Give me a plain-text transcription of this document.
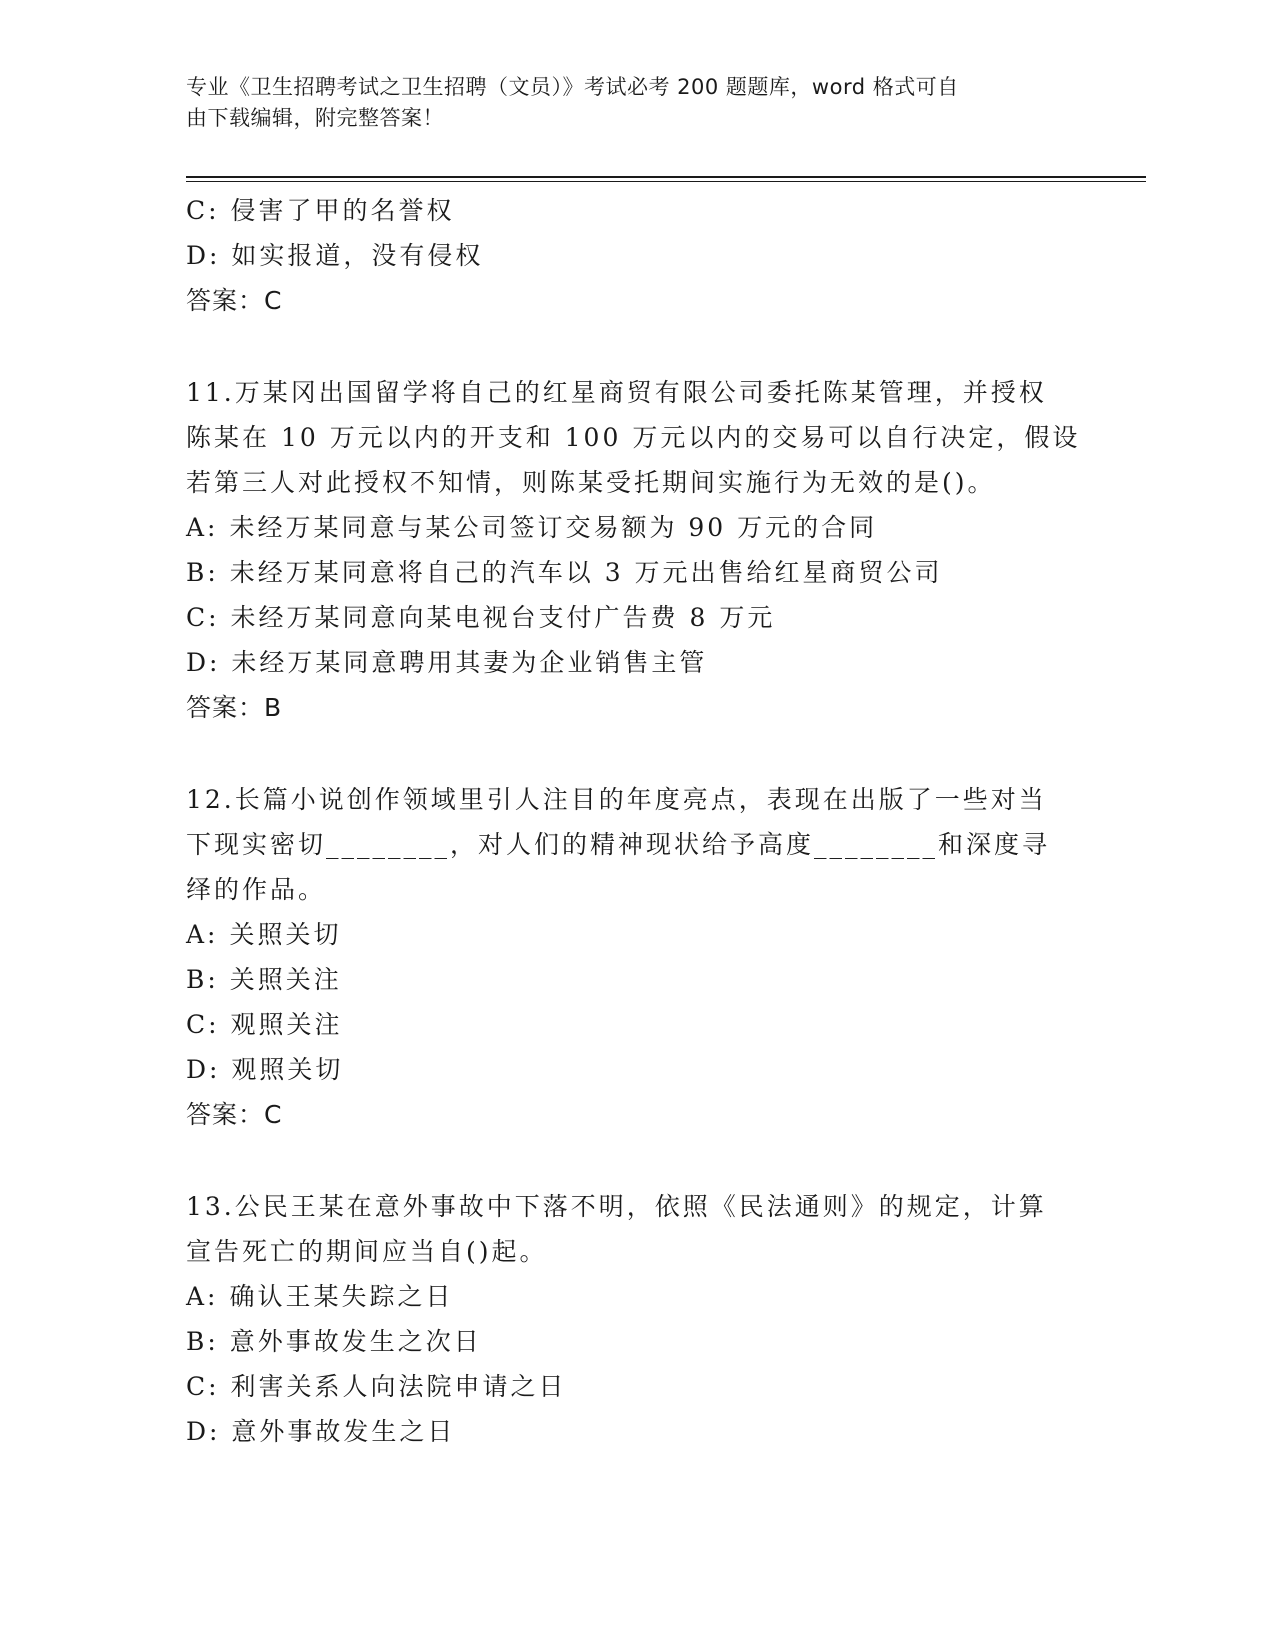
专业《卫生招聘考试之卫生招聘（文员）》考试必考 200 题题库，word 格式可自
由下载编辑，附完整答案！
C: 侵害了甲的名誉权
D: 如实报道，没有侵权
答案：C
11.万某冈出国留学将自己的红星商贸有限公司委托陈某管理，并授权
陈某在 10 万元以内的开支和 100 万元以内的交易可以自行决定，假设
若第三人对此授权不知情，则陈某受托期间实施行为无效的是()。
A: 未经万某同意与某公司签订交易额为 90 万元的合同
B: 未经万某同意将自己的汽车以 3 万元出售给红星商贸公司
C: 未经万某同意向某电视台支付广告费 8 万元
D: 未经万某同意聘用其妻为企业销售主管
答案：B
12.长篇小说创作领域里引人注目的年度亮点，表现在出版了一些对当
下现实密切________，对人们的精神现状给予高度________和深度寻
绎的作品。
A: 关照关切
B: 关照关注
C: 观照关注
D: 观照关切
答案：C
13.公民王某在意外事故中下落不明，依照《民法通则》的规定，计算
宣告死亡的期间应当自()起。
A: 确认王某失踪之日
B: 意外事故发生之次日
C: 利害关系人向法院申请之日
D: 意外事故发生之日
